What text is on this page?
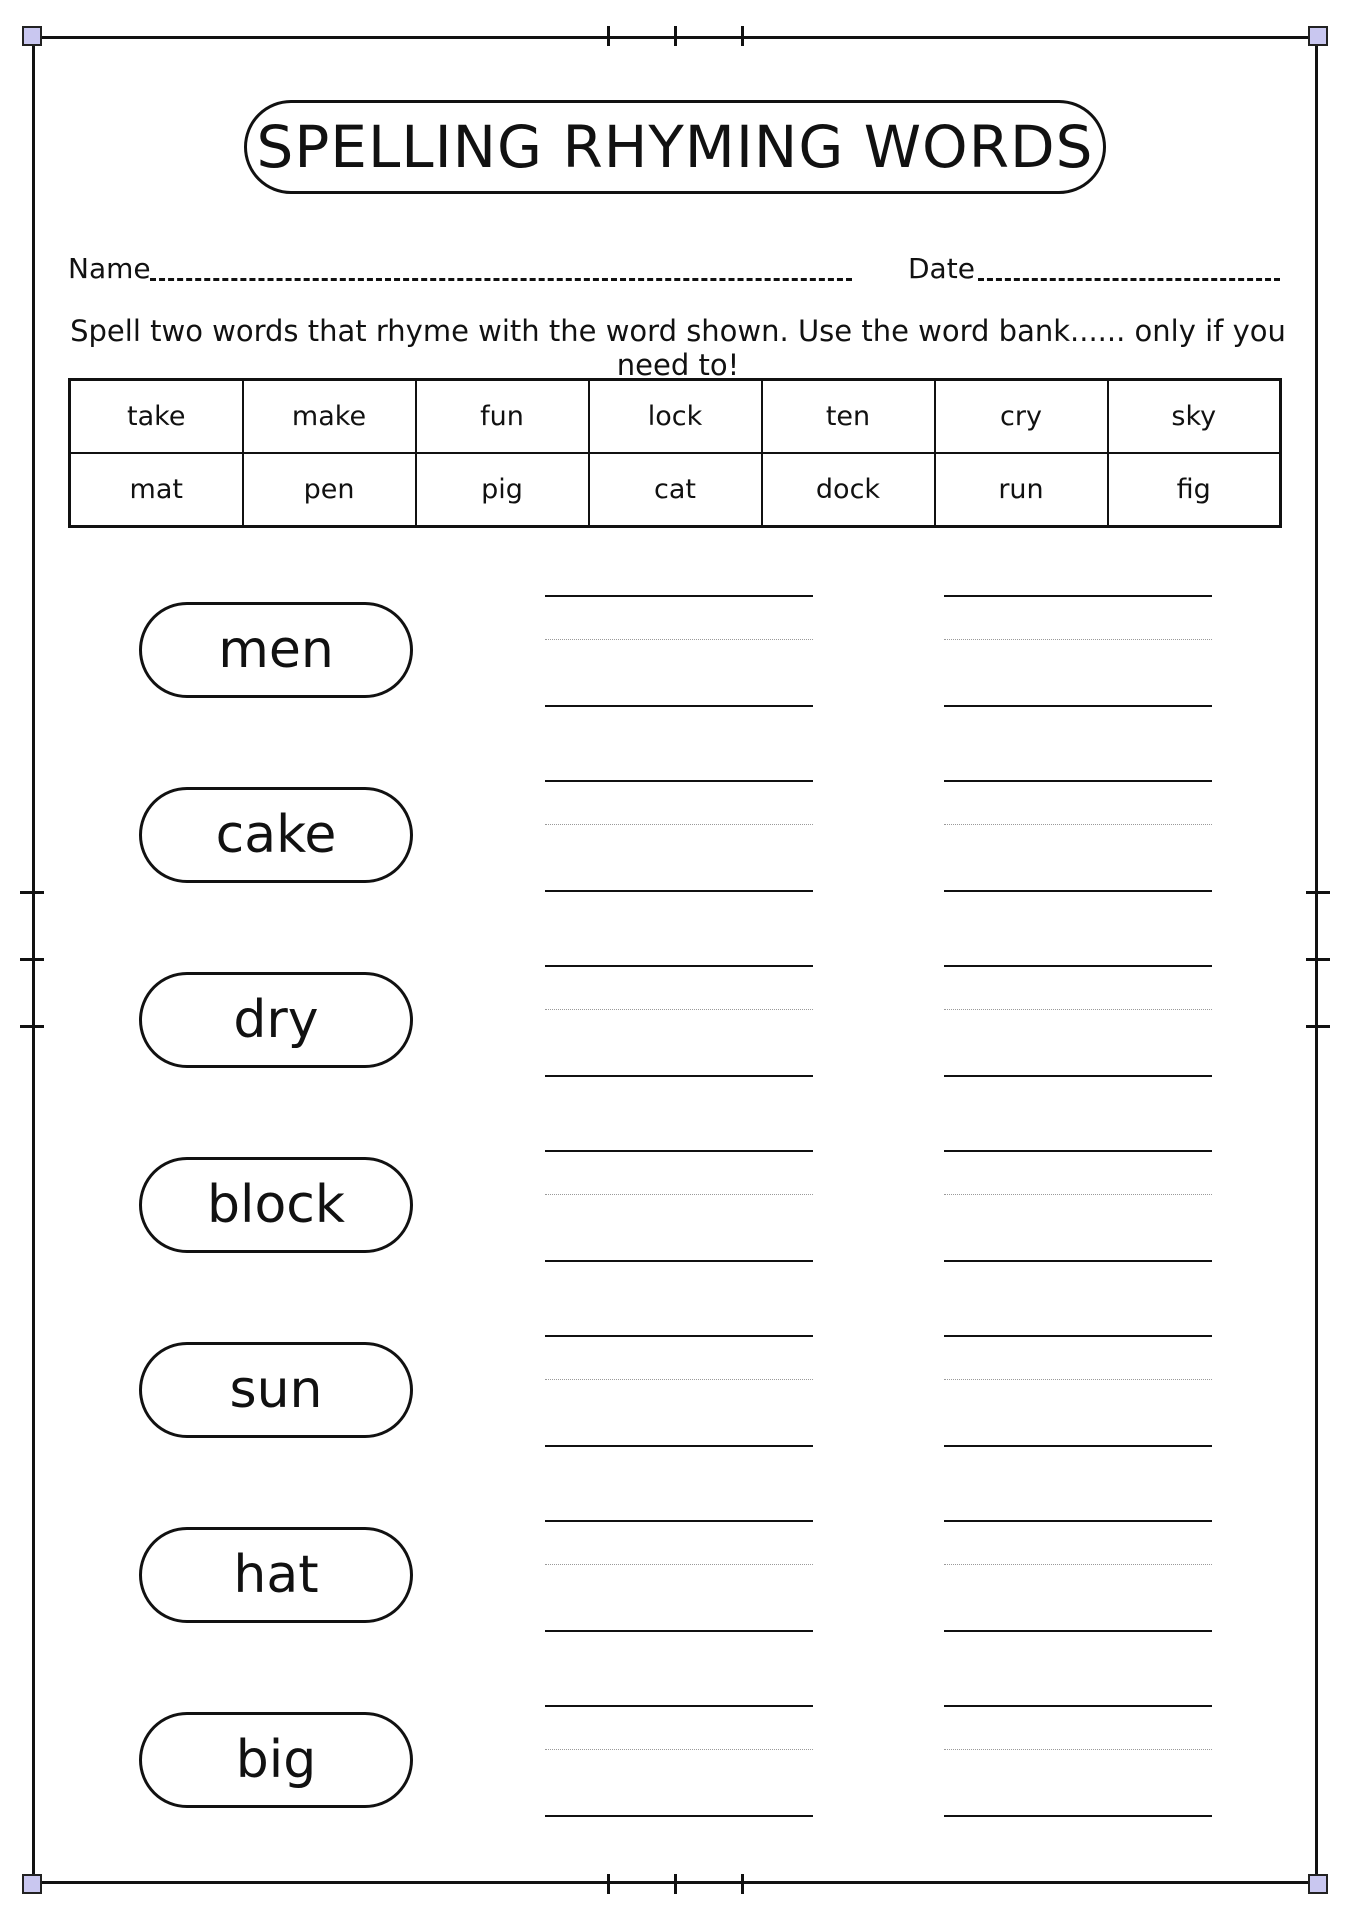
SPELLING RHYMING WORDS
Name	Date
Spell two words that rhyme with the word shown. Use the word bank...... only if you need to!
take	make	fun	lock	ten	cry	sky
mat	pen	pig	cat	dock	run	fig
men
cake
dry
block
sun
hat
big
